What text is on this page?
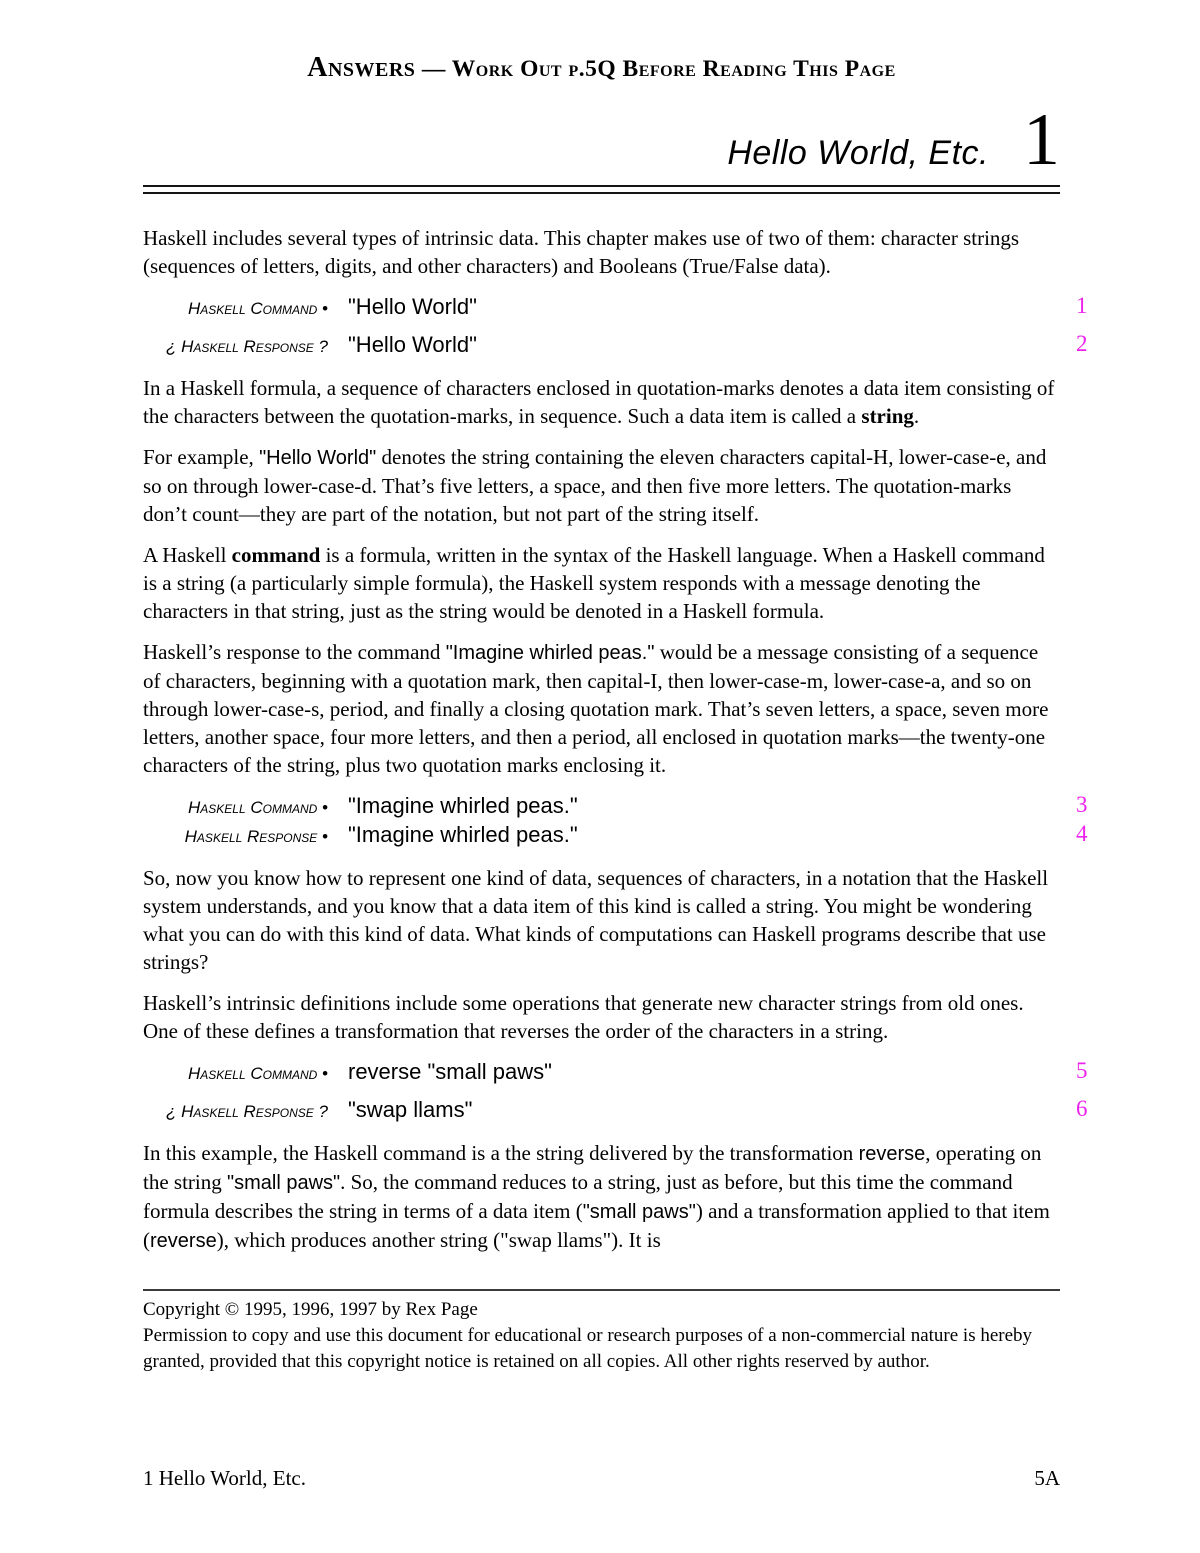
Answers — Work Out p.5Q Before Reading This Page
Hello World, Etc. 1
Haskell includes several types of intrinsic data. This chapter makes use of two of them: character strings (sequences of letters, digits, and other characters) and Booleans (True/False data).
Haskell Command • "Hello World"	1
¿ Haskell Response ? "Hello World"	2
In a Haskell formula, a sequence of characters enclosed in quotation-marks denotes a data item consisting of the characters between the quotation-marks, in sequence. Such a data item is called a string.
For example, "Hello World" denotes the string containing the eleven characters capital-H, lower-case-e, and so on through lower-case-d. That’s five letters, a space, and then five more letters. The quotation-marks don’t count—they are part of the notation, but not part of the string itself.
A Haskell command is a formula, written in the syntax of the Haskell language. When a Haskell command is a string (a particularly simple formula), the Haskell system responds with a message denoting the characters in that string, just as the string would be denoted in a Haskell formula.
Haskell’s response to the command "Imagine whirled peas." would be a message consisting of a sequence of characters, beginning with a quotation mark, then capital-I, then lower-case-m, lower-case-a, and so on through lower-case-s, period, and finally a closing quotation mark. That’s seven letters, a space, seven more letters, another space, four more letters, and then a period, all enclosed in quotation marks—the twenty-one characters of the string, plus two quotation marks enclosing it.
Haskell Command • "Imagine whirled peas."	3
Haskell Response • "Imagine whirled peas."	4
So, now you know how to represent one kind of data, sequences of characters, in a notation that the Haskell system understands, and you know that a data item of this kind is called a string. You might be wondering what you can do with this kind of data. What kinds of computations can Haskell programs describe that use strings?
Haskell’s intrinsic definitions include some operations that generate new character strings from old ones. One of these defines a transformation that reverses the order of the characters in a string.
Haskell Command • reverse "small paws"	5
¿ Haskell Response ? "swap llams"	6
In this example, the Haskell command is a the string delivered by the transformation reverse, operating on the string "small paws". So, the command reduces to a string, just as before, but this time the command formula describes the string in terms of a data item ("small paws") and a transformation applied to that item (reverse), which produces another string ("swap llams"). It is

Copyright © 1995, 1996, 1997 by Rex Page

Permission to copy and use this document for educational or research purposes of a non-commercial nature is hereby granted, provided that this copyright notice is retained on all copies. All other rights reserved by author.

1 Hello World, Etc.	5A
